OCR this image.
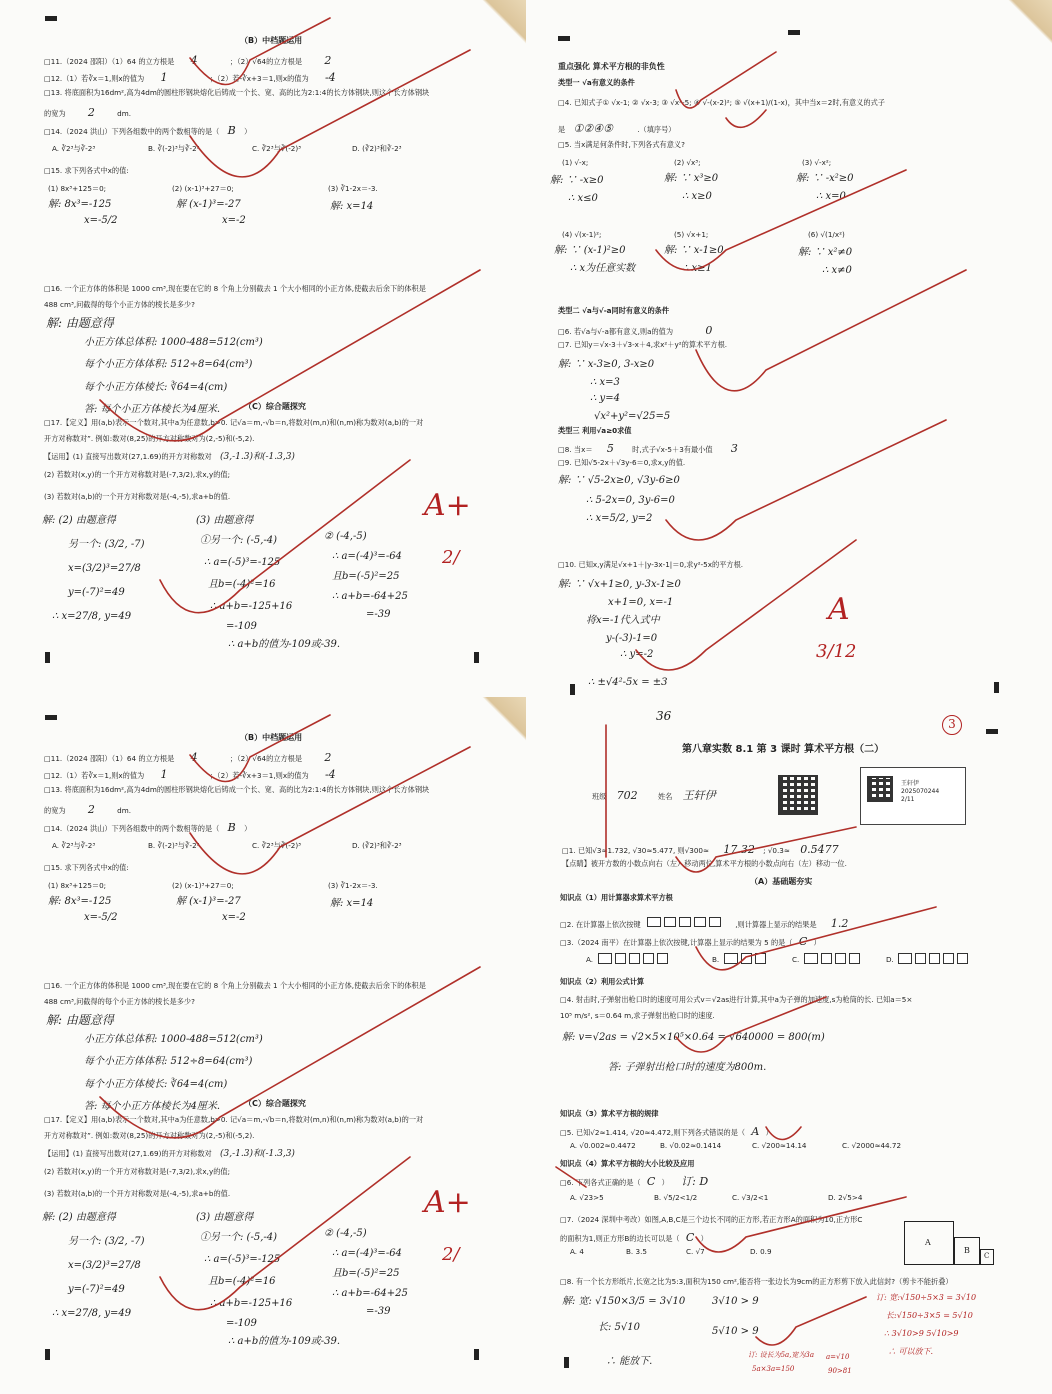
（B）中档题运用
□11.（2024 邵阳）（1）64 的立方根是 4	；（2）√64的立方根是 2
□12.（1）若∛x＝1,则x的值为 1	；（2）若-∛x+3＝1,则x的值为 -4
□13. 将底面积为16dm²,高为4dm的圆柱形钢块熔化后铸成一个长、宽、高的比为2:1:4的长方体钢块,则这个长方体钢块
的宽为 2	dm.
□14.（2024 洪山）下列各组数中的两个数相等的是（ B ）
A. ∛2³与∛-2³	B. ∛(-2)³与∛-2³	C. ∛2³与∛(-2)³	D. (∛2)³和∛-2³
□15. 求下列各式中x的值:
(1) 8x³+125＝0;	(2) (x-1)³+27＝0;	(3) ∛1-2x＝-3.
解: 8x³=-125
x=-5/2
解 (x-1)³=-27
x=-2
解: x=14
□16. 一个正方体的体积是 1000 cm³,现在要在它的 8 个角上分别截去 1 个大小相同的小正方体,使截去后余下的体积是
488 cm³,问截得的每个小正方体的棱长是多少?
解: 由题意得
小正方体总体积: 1000-488=512(cm³)
每个小正方体体积: 512÷8=64(cm³)
每个小正方体棱长: ∛64=4(cm)
答: 每个小正方体棱长为4厘米.	（C）综合题探究
□17.【定义】用(a,b)表示一个数对,其中a为任意数,b>0. 记√a＝m,-√b＝n,将数对(m,n)和(n,m)称为数对(a,b)的一对
开方对称数对”. 例如:数对(8,25)的开方对称数对为(2,-5)和(-5,2).
【运用】(1) 直接写出数对(27,1.69)的开方对称数对 (3,-1.3)和(-1.3,3)
(2) 若数对(x,y)的一个开方对称数对是(-7,3/2),求x,y的值;
(3) 若数对(a,b)的一个开方对称数对是(-4,-5),求a+b的值.
解: (2) 由题意得
另一个: (3/2, -7)
x=(3/2)³=27/8
y=(-7)²=49
∴ x=27/8, y=49
(3) 由题意得
①另一个: (-5,-4)
∴ a=(-5)³=-125
且b=(-4)²=16
∴ a+b=-125+16
=-109
② (-4,-5)
∴ a=(-4)³=-64
且b=(-5)²=25
∴ a+b=-64+25
=-39
∴ a+b的值为-109或-39.
A+
2/
重点强化 算术平方根的非负性
类型一 √a有意义的条件
□4. 已知式子① √x-1; ② √x-3; ③ √x²-5; ④ √-(x-2)²; ⑤ √(x+1)/(1-x)，其中当x＝2时,有意义的式子
是 ①②④⑤	.（填序号）
□5. 当x满足何条件时,下列各式有意义?
(1) √-x;	(2) √x³;	(3) √-x²;
解: ∵ -x≥0
∴ x≤0
解: ∵ x³≥0
∴ x≥0
解: ∵ -x²≥0
∴ x=0
(4) √(x-1)²;	(5) √x+1;	(6) √(1/x²)
解: ∵ (x-1)²≥0
∴ x为任意实数
解: ∵ x-1≥0
∴ x≥1
解: ∵ x²≠0
∴ x≠0
类型二 √a与√-a同时有意义的条件
□6. 若√a与√-a都有意义,则a的值为	0
□7. 已知y＝√x-3＋√3-x＋4,求x²＋y²的算术平方根.
解: ∵ x-3≥0, 3-x≥0
∴ x=3
∴ y=4
√x²+y²=√25=5
类型三 利用√a≥0求值
□8. 当x＝ 5	时,式子√x-5＋3有最小值 3
□9. 已知√5-2x＋√3y-6＝0,求x,y的值.
解: ∵ √5-2x≥0, √3y-6≥0
∴ 5-2x=0, 3y-6=0
∴ x=5/2, y=2
□10. 已知x,y满足√x+1＋|y-3x-1|＝0,求y²-5x的平方根.
解: ∵ √x+1≥0, y-3x-1≥0
x+1=0, x=-1
将x=-1代入式中
y-(-3)-1=0
∴ y=-2
∴ ±√4²-5x = ±3
A
3/12
（B）中档题运用
□11.（2024 邵阳）（1）64 的立方根是 4	；（2）√64的立方根是 2
□12.（1）若∛x＝1,则x的值为 1	；（2）若-∛x+3＝1,则x的值为 -4
□13. 将底面积为16dm²,高为4dm的圆柱形钢块熔化后铸成一个长、宽、高的比为2:1:4的长方体钢块,则这个长方体钢块
的宽为 2	dm.
□14.（2024 洪山）下列各组数中的两个数相等的是（ B ）
A. ∛2³与∛-2³	B. ∛(-2)³与∛-2³	C. ∛2³与∛(-2)³	D. (∛2)³和∛-2³
□15. 求下列各式中x的值:
(1) 8x³+125＝0;	(2) (x-1)³+27＝0;	(3) ∛1-2x＝-3.
解: 8x³=-125
x=-5/2
解 (x-1)³=-27
x=-2
解: x=14
□16. 一个正方体的体积是 1000 cm³,现在要在它的 8 个角上分别截去 1 个大小相同的小正方体,使截去后余下的体积是
488 cm³,问截得的每个小正方体的棱长是多少?
解: 由题意得
小正方体总体积: 1000-488=512(cm³)
每个小正方体体积: 512÷8=64(cm³)
每个小正方体棱长: ∛64=4(cm)
答: 每个小正方体棱长为4厘米.	（C）综合题探究
□17.【定义】用(a,b)表示一个数对,其中a为任意数,b>0. 记√a＝m,-√b＝n,将数对(m,n)和(n,m)称为数对(a,b)的一对
开方对称数对”. 例如:数对(8,25)的开方对称数对为(2,-5)和(-5,2).
【运用】(1) 直接写出数对(27,1.69)的开方对称数对 (3,-1.3)和(-1.3,3)
(2) 若数对(x,y)的一个开方对称数对是(-7,3/2),求x,y的值;
(3) 若数对(a,b)的一个开方对称数对是(-4,-5),求a+b的值.
解: (2) 由题意得
另一个: (3/2, -7)
x=(3/2)³=27/8
y=(-7)²=49
∴ x=27/8, y=49
(3) 由题意得
①另一个: (-5,-4)
∴ a=(-5)³=-125
且b=(-4)²=16
∴ a+b=-125+16
=-109
② (-4,-5)
∴ a=(-4)³=-64
且b=(-5)²=25
∴ a+b=-64+25
=-39
∴ a+b的值为-109或-39.
A+
2/
36
3
第八章实数 8.1 第 3 课时 算术平方根（二）
班级 702	姓名 王轩伊
王轩伊
2025070244
2/11
□1. 已知√3≈1.732, √30≈5.477, 则√300≈ 17.32 ; √0.3≈ 0.5477
【点睛】被开方数的小数点向右（左）移动两位,算术平方根的小数点向右（左）移动一位.
（A）基础题夯实
知识点（1）用计算器求算术平方根
□2. 在计算器上依次按键	,则计算器上显示的结果是 1.2
□3.（2024 南平）在计算器上依次按键,计算器上显示的结果为 5 的是（ C ）
A.	B.	C.	D.
知识点（2）利用公式计算
□4. 射击时,子弹射出枪口时的速度可用公式v＝√2as进行计算,其中a为子弹的加速度,s为枪筒的长. 已知a＝5×
10⁵ m/s², s＝0.64 m,求子弹射出枪口时的速度.
解: v=√2as = √2×5×10⁵×0.64 = √640000 = 800(m)
答: 子弹射出枪口时的速度为800m.
知识点（3）算术平方根的规律
□5. 已知√2≈1.414, √20≈4.472,则下列各式错误的是（ A ）
A. √0.002≈0.4472	B. √0.02≈0.1414	C. √200≈14.14	C. √2000≈44.72
知识点（4）算术平方根的大小比较及应用
□6. 下列各式正确的是（ C ） 订: D
A. √23>5	B. √5/2<1/2	C. √3/2<1	D. 2√5>4
□7.（2024 深圳中考改）如图,A,B,C是三个边长不同的正方形,若正方形A的面积为10,正方形C
的面积为1,则正方形B的边长可以是（ C ）
A. 4	B. 3.5	C. √7	D. 0.9
A
B
C
□8. 有一个长方形纸片,长宽之比为5:3,面积为150 cm²,能否将一张边长为9cm的正方形剪下放入此信封?（剪卡不能折叠）
解: 宽: √150×3/5 = 3√10	3√10 > 9
长: 5√10	5√10 > 9
∴ 能放下.
订: 宽:√150÷5×3 = 3√10
长:√150÷3×5 = 5√10
∴ 3√10>9 5√10>9
∴ 可以放下.
订: 设长为5a,宽为3a
5a×3a=150
a=√10
90>81
